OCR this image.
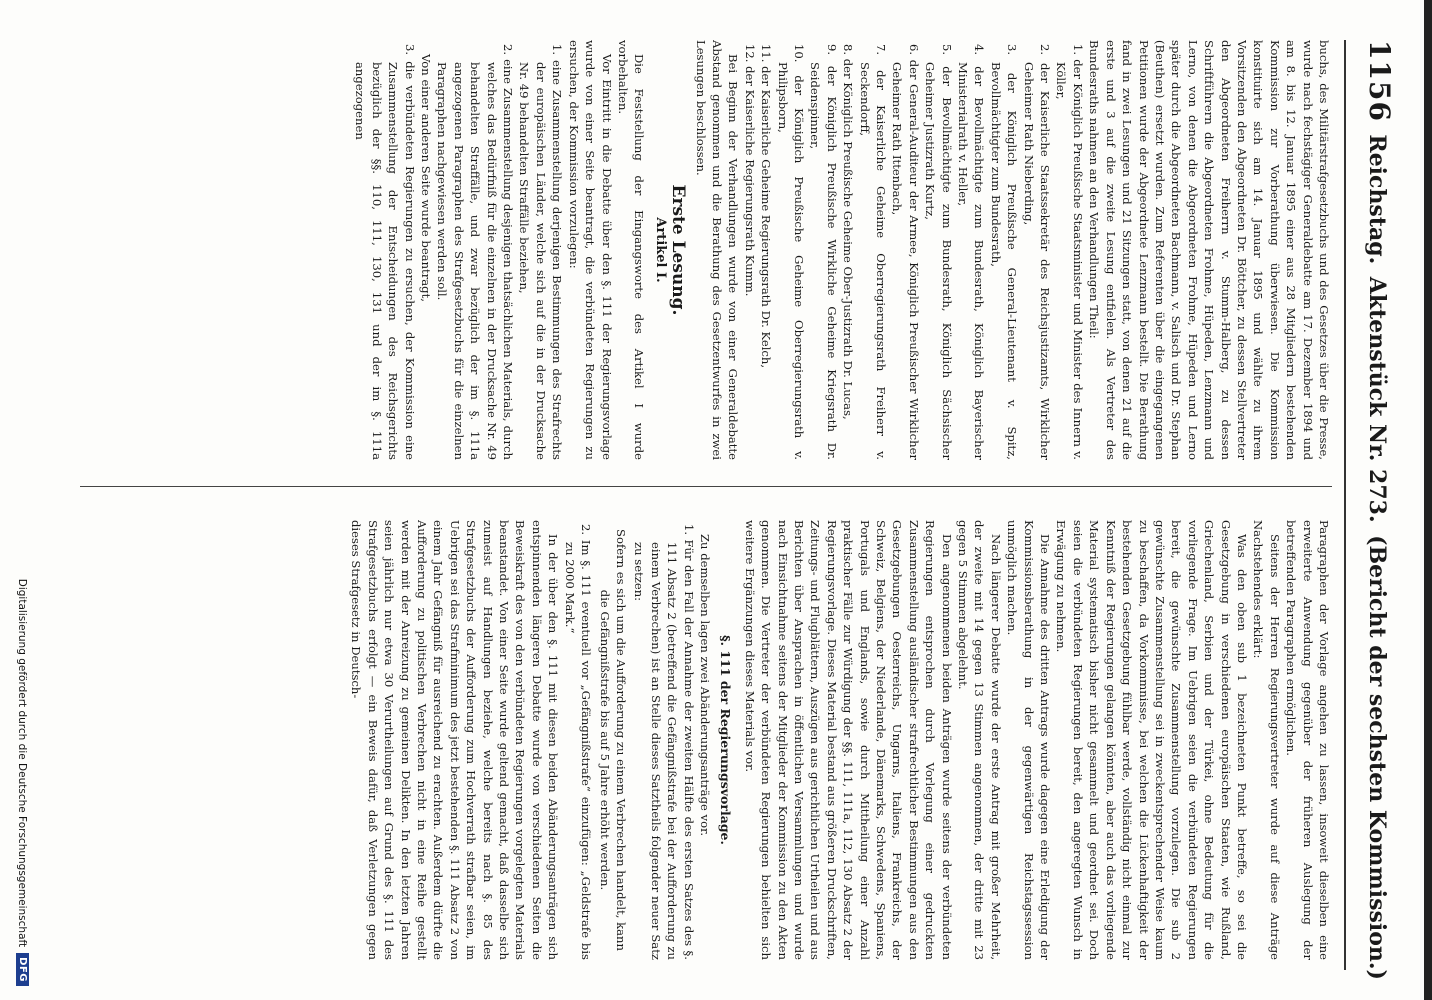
1156
Reichstag.
Aktenstück Nr. 273.
(Bericht der sechsten Kommission.)

buchs, des Militärstrafgesetzbuchs und des Gesetzes über die Presse, wurde nach fechstägiger Generaldebatte am 17. Dezember 1894 und am 8. bis 12. Januar 1895 einer aus 28 Mitgliedern bestehenden Kommission zur Vorberathung überwiesen. Die Kommission konstituirte sich am 14. Januar 1895 und wählte zu ihrem Vorsitzenden den Abgeordneten Dr. Böttcher, zu dessen Stellvertreter den Abgeordneten Freiherrn v. Stumm-Halberg, zu dessen Schriftführern die Abgeordneten Frohme, Hüpeden, Lenzmann und Lerno, von denen die Abgeordneten Frohme, Hüpeden und Lerno später durch die Abgeordneten Bachmann, v. Salisch und Dr. Stephan (Beuthen) ersetzt wurden. Zum Referenten über die eingegangenen Petitionen wurde der Abgeordnete Lenzmann bestellt. Die Berathung fand in zwei Lesungen und 21 Sitzungen statt, von denen 21 auf die erste und 3 auf die zweite Lesung entfielen. Als Vertreter des Bundesraths nahmen an den Verhandlungen Theil:

1. der Königlich Preußische Staatsminister und Minister des Innern v. Köller,

2. der Kaiserliche Staatssekretär des Reichsjustizamts, Wirklicher Geheimer Rath Nieberding,

3. der Königlich Preußische General-Lieutenant v. Spitz, Bevollmächtigter zum Bundesrath,

4. der Bevollmächtigte zum Bundesrath, Königlich Bayerischer Ministerialrath v. Heller,

5. der Bevollmächtigte zum Bundesrath, Königlich Sächsischer Geheimer Justizrath Kurtz,

6. der General-Auditeur der Armee, Königlich Preußischer Wirklicher Geheimer Rath Ittenbach,

7. der Kaiserliche Geheime Oberregierungsrath Freiherr v. Seckendorff,

8. der Königlich Preußische Geheime Ober-Justizrath Dr. Lucas,

9. der Königlich Preußische Wirkliche Geheime Kriegsrath Dr. Seidenspinner,

10. der Königlich Preußische Geheime Oberregierungsrath v. Philipsborn,

11. der Kaiserliche Geheime Regierungsrath Dr. Kelch,

12. der Kaiserliche Regierungsrath Kumm.

Bei Beginn der Verhandlungen wurde von einer Generaldebatte Abstand genommen und die Berathung des Gesetzentwurfes in zwei Lesungen beschlossen.

Erste Lesung.

Artikel I.

Die Feststellung der Eingangsworte des Artikel I wurde vorbehalten.

Vor Eintritt in die Debatte über den §. 111 der Regierungsvorlage wurde von einer Seite beantragt, die verbündeten Regierungen zu ersuchen, der Kommission vorzulegen:

1. eine Zusammenstellung derjenigen Bestimmungen des Strafrechts der europäischen Länder, welche sich auf die in der Drucksache Nr. 49 behandelten Straffälle beziehen,

2. eine Zusammenstellung desjenigen thatsächlichen Materials, durch welches das Bedürfniß für die einzelnen in der Drucksache Nr. 49 behandelten Straffälle, und zwar bezüglich der im §. 111a angezogenen Paragraphen des Strafgesetzbuchs für die einzelnen Paragraphen nachgewiesen werden soll.

Von einer anderen Seite wurde beantragt,

3. die verbündeten Regierungen zu ersuchen, der Kommission eine Zusammenstellung der Entscheidungen des Reichsgerichts bezüglich der §§. 110, 111, 130, 131 und der im §. 111a angezogenen

Paragraphen der Vorlage angehen zu lassen, insoweit dieselben eine erweiterte Anwendung gegenüber der früheren Auslegung der betreffenden Paragraphen ermöglichen.

Seitens der Herren Regierungsvertreter wurde auf diese Anträge Nachstehendes erklärt:

Was den oben sub 1 bezeichneten Punkt betreffe, so sei die Gesetzgebung in verschiedenen europäischen Staaten, wie Rußland, Griechenland, Serbien und der Türkei, ohne Bedeutung für die vorliegende Frage. Im Uebrigen seien die verbündeten Regierungen bereit, die gewünschte Zusammenstellung vorzulegen. Die sub 2 gewünschte Zusammenstellung sei in zweckentsprechender Weise kaum zu beschaffen, da Vorkommnisse, bei welchen die Lückenhaftigkeit der bestehenden Gesetzgebung fühlbar werde, vollständig nicht einmal zur Kenntniß der Regierungen gelangen könnten, aber auch das vorliegende Material systematisch bisher nicht gesammelt und geordnet sei. Doch seien die verbündeten Regierungen bereit, den angeregten Wunsch in Erwägung zu nehmen.

Die Annahme des dritten Antrags wurde dagegen eine Erledigung der Kommissionsberathung in der gegenwärtigen Reichstagssession unmöglich machen.

Nach längerer Debatte wurde der erste Antrag mit großer Mehrheit, der zweite mit 14 gegen 13 Stimmen angenommen, der dritte mit 23 gegen 5 Stimmen abgelehnt.

Den angenommenen beiden Anträgen wurde seitens der verbündeten Regierungen entsprochen durch Vorlegung einer gedruckten Zusammenstellung ausländischer strafrechtlicher Bestimmungen aus den Gesetzgebungen Oesterreichs, Ungarns, Italiens, Frankreichs, der Schweiz, Belgiens, der Niederlande, Dänemarks, Schwedens, Spaniens, Portugals und Englands, sowie durch Mittheilung einer Anzahl praktischer Fälle zur Würdigung der §§. 111, 111a, 112, 130 Absatz 2 der Regierungsvorlage. Dieses Material bestand aus größeren Druckschriften, Zeitungs- und Flugblättern, Auszügen aus gerichtlichen Urtheilen und aus Berichten über Ansprachen in öffentlichen Versammlungen und wurde nach Einsichtnahme seitens der Mitglieder der Kommission zu den Akten genommen. Die Vertreter der verbündeten Regierungen behielten sich weitere Ergänzungen dieses Materials vor.

§. 111 der Regierungsvorlage.

Zu demselben lagen zwei Abänderungsanträge vor.

1. Für den Fall der Annahme der zweiten Hälfte des ersten Satzes des §. 111 Absatz 2 (betreffend die Gefängnißstrafe bei der Aufforderung zu einem Verbrechen) ist an Stelle dieses Satztheils folgender neuer Satz zu setzen:

Sofern es sich um die Aufforderung zu einem Verbrechen handelt, kann die Gefängnißstrafe bis auf 5 Jahre erhöht werden.

2. Im §. 111 eventuell vor „Gefängnißstrafe“ einzufügen: „Geldstrafe bis zu 2000 Mark.“

In der über den §. 111 mit diesen beiden Abänderungsanträgen sich entspinnenden längeren Debatte wurde von verschiedenen Seiten die Beweiskraft des von den verbündeten Regierungen vorgelegten Materials beanstandet. Von einer Seite wurde geltend gemacht, daß dasselbe sich zumeist auf Handlungen beziehe, welche bereits nach §. 85 des Strafgesetzbuchs der Aufforderung zum Hochverrath strafbar seien, im Uebrigen sei das Strafminimum des jetzt bestehenden §. 111 Absatz 2 von einem Jahr Gefängniß für ausreichend zu erachten. Außerdem dürfte die Aufforderung zu politischen Verbrechen nicht in eine Reihe gestellt werden mit der Anreizung zu gemeinen Delikten. In den letzten Jahren seien jährlich nur etwa 30 Verurtheilungen auf Grund des §. 111 des Strafgesetzbuchs erfolgt — ein Beweis dafür, daß Verletzungen gegen dieses Strafgesetz in Deutsch-

Digitalisierung gefördert durch die Deutsche Forschungsgemeinschaft
DFG
